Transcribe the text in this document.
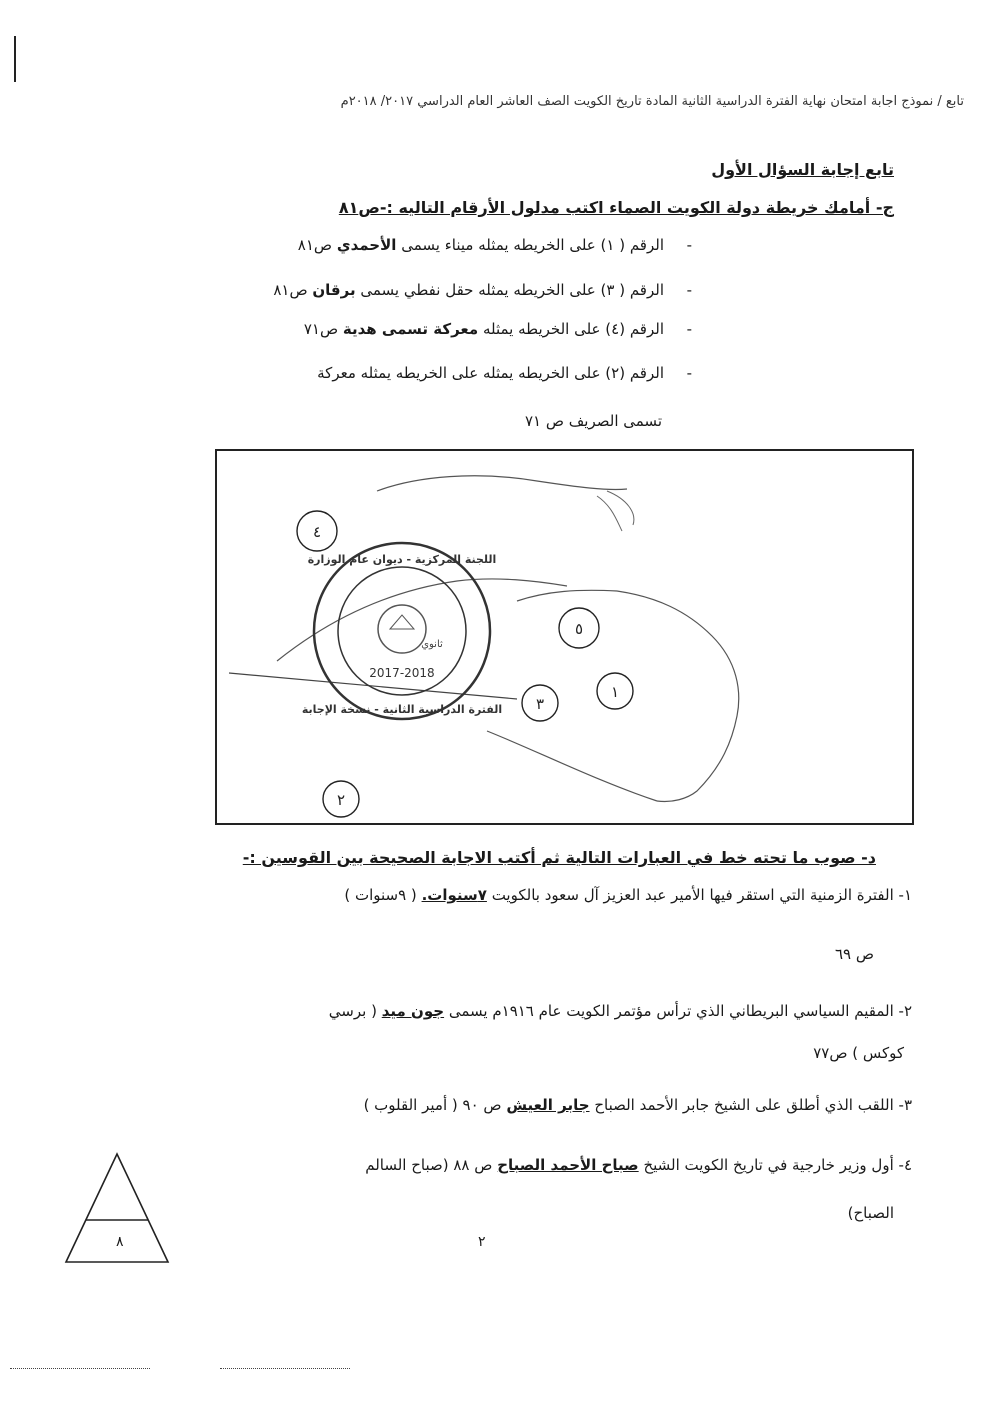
تابع / نموذج اجابة امتحان نهاية الفترة الدراسية الثانية المادة تاريخ الكويت الصف العاشر العام الدراسي ٢٠١٧/ ٢٠١٨م
تابع إجابة السؤال الأول
ج- أمامك خريطة دولة الكويت الصماء اكتب مدلول الأرقام التاليه :-ص٨١
-الرقم ( ١) على الخريطه يمثله ميناء يسمى الأحمدي ص٨١
-الرقم ( ٣) على الخريطه يمثله حقل نفطي يسمى برقان ص٨١
-الرقم (٤) على الخريطه يمثله معركة تسمى هدية ص٧١
-الرقم (٢) على الخريطه يمثله على الخريطه يمثله معركة
تسمى الصريف ص ٧١
٤
٥
١
٣
٢
اللجنة المركزية - ديوان عام الوزارة
الفترة الدراسية الثانية - نسخة الإجابة
2017-2018
ثانوي
د- صوب ما تحته خط في العبارات التالية ثم أكتب الاجابة الصحيحة بين القوسين :-
١- الفترة الزمنية التي استقر فيها الأمير عبد العزيز آل سعود بالكويت ٧سنوات. ( ٩سنوات )
ص ٦٩
٢- المقيم السياسي البريطاني الذي ترأس مؤتمر الكويت عام ١٩١٦م يسمى جون ميد ( برسي
كوكس ) ص٧٧
٣- اللقب الذي أطلق على الشيخ جابر الأحمد الصباح جابر العيش ص ٩٠ ( أمير القلوب )
٤- أول وزير خارجية في تاريخ الكويت الشيخ صباح الأحمد الصباح ص ٨٨ (صباح السالم
الصباح)
٢
٨
